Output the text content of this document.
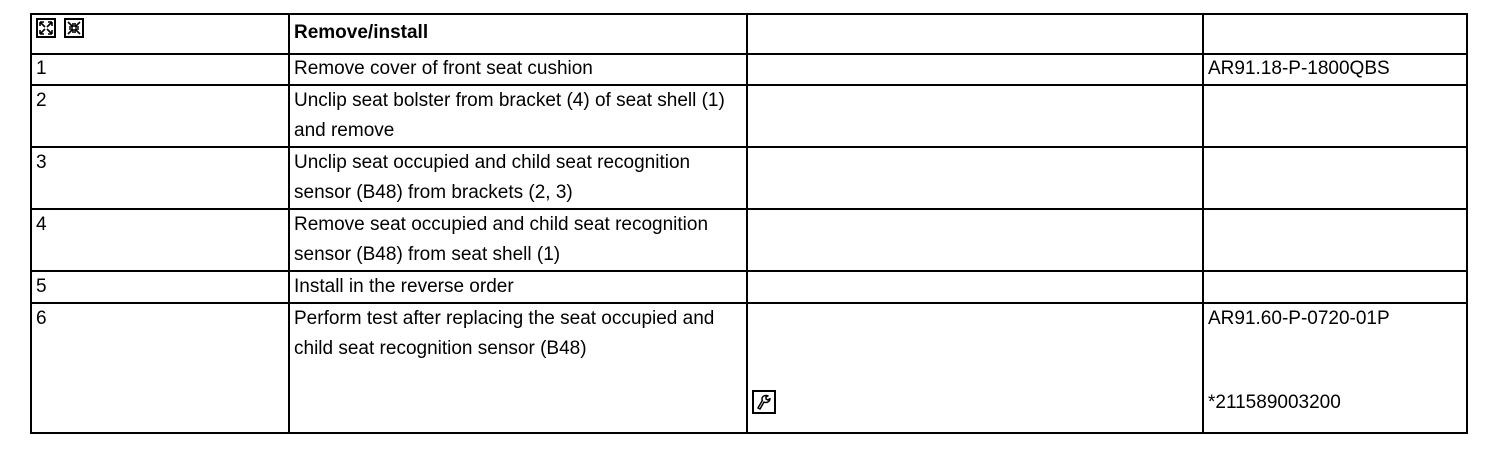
Remove/install		

1	Remove cover of front seat cushion		AR91.18-P-1800QBS

2	Unclip seat bolster from bracket (4) of seat shell (1) and remove		

3	Unclip seat occupied and child seat recognition sensor (B48) from brackets (2, 3)		

4	Remove seat occupied and child seat recognition sensor (B48) from seat shell (1)		

5	Install in the reverse order		

6	Perform test after replacing the seat occupied and child seat recognition sensor (B48)		AR91.60-P-0720-01P
*211589003200
